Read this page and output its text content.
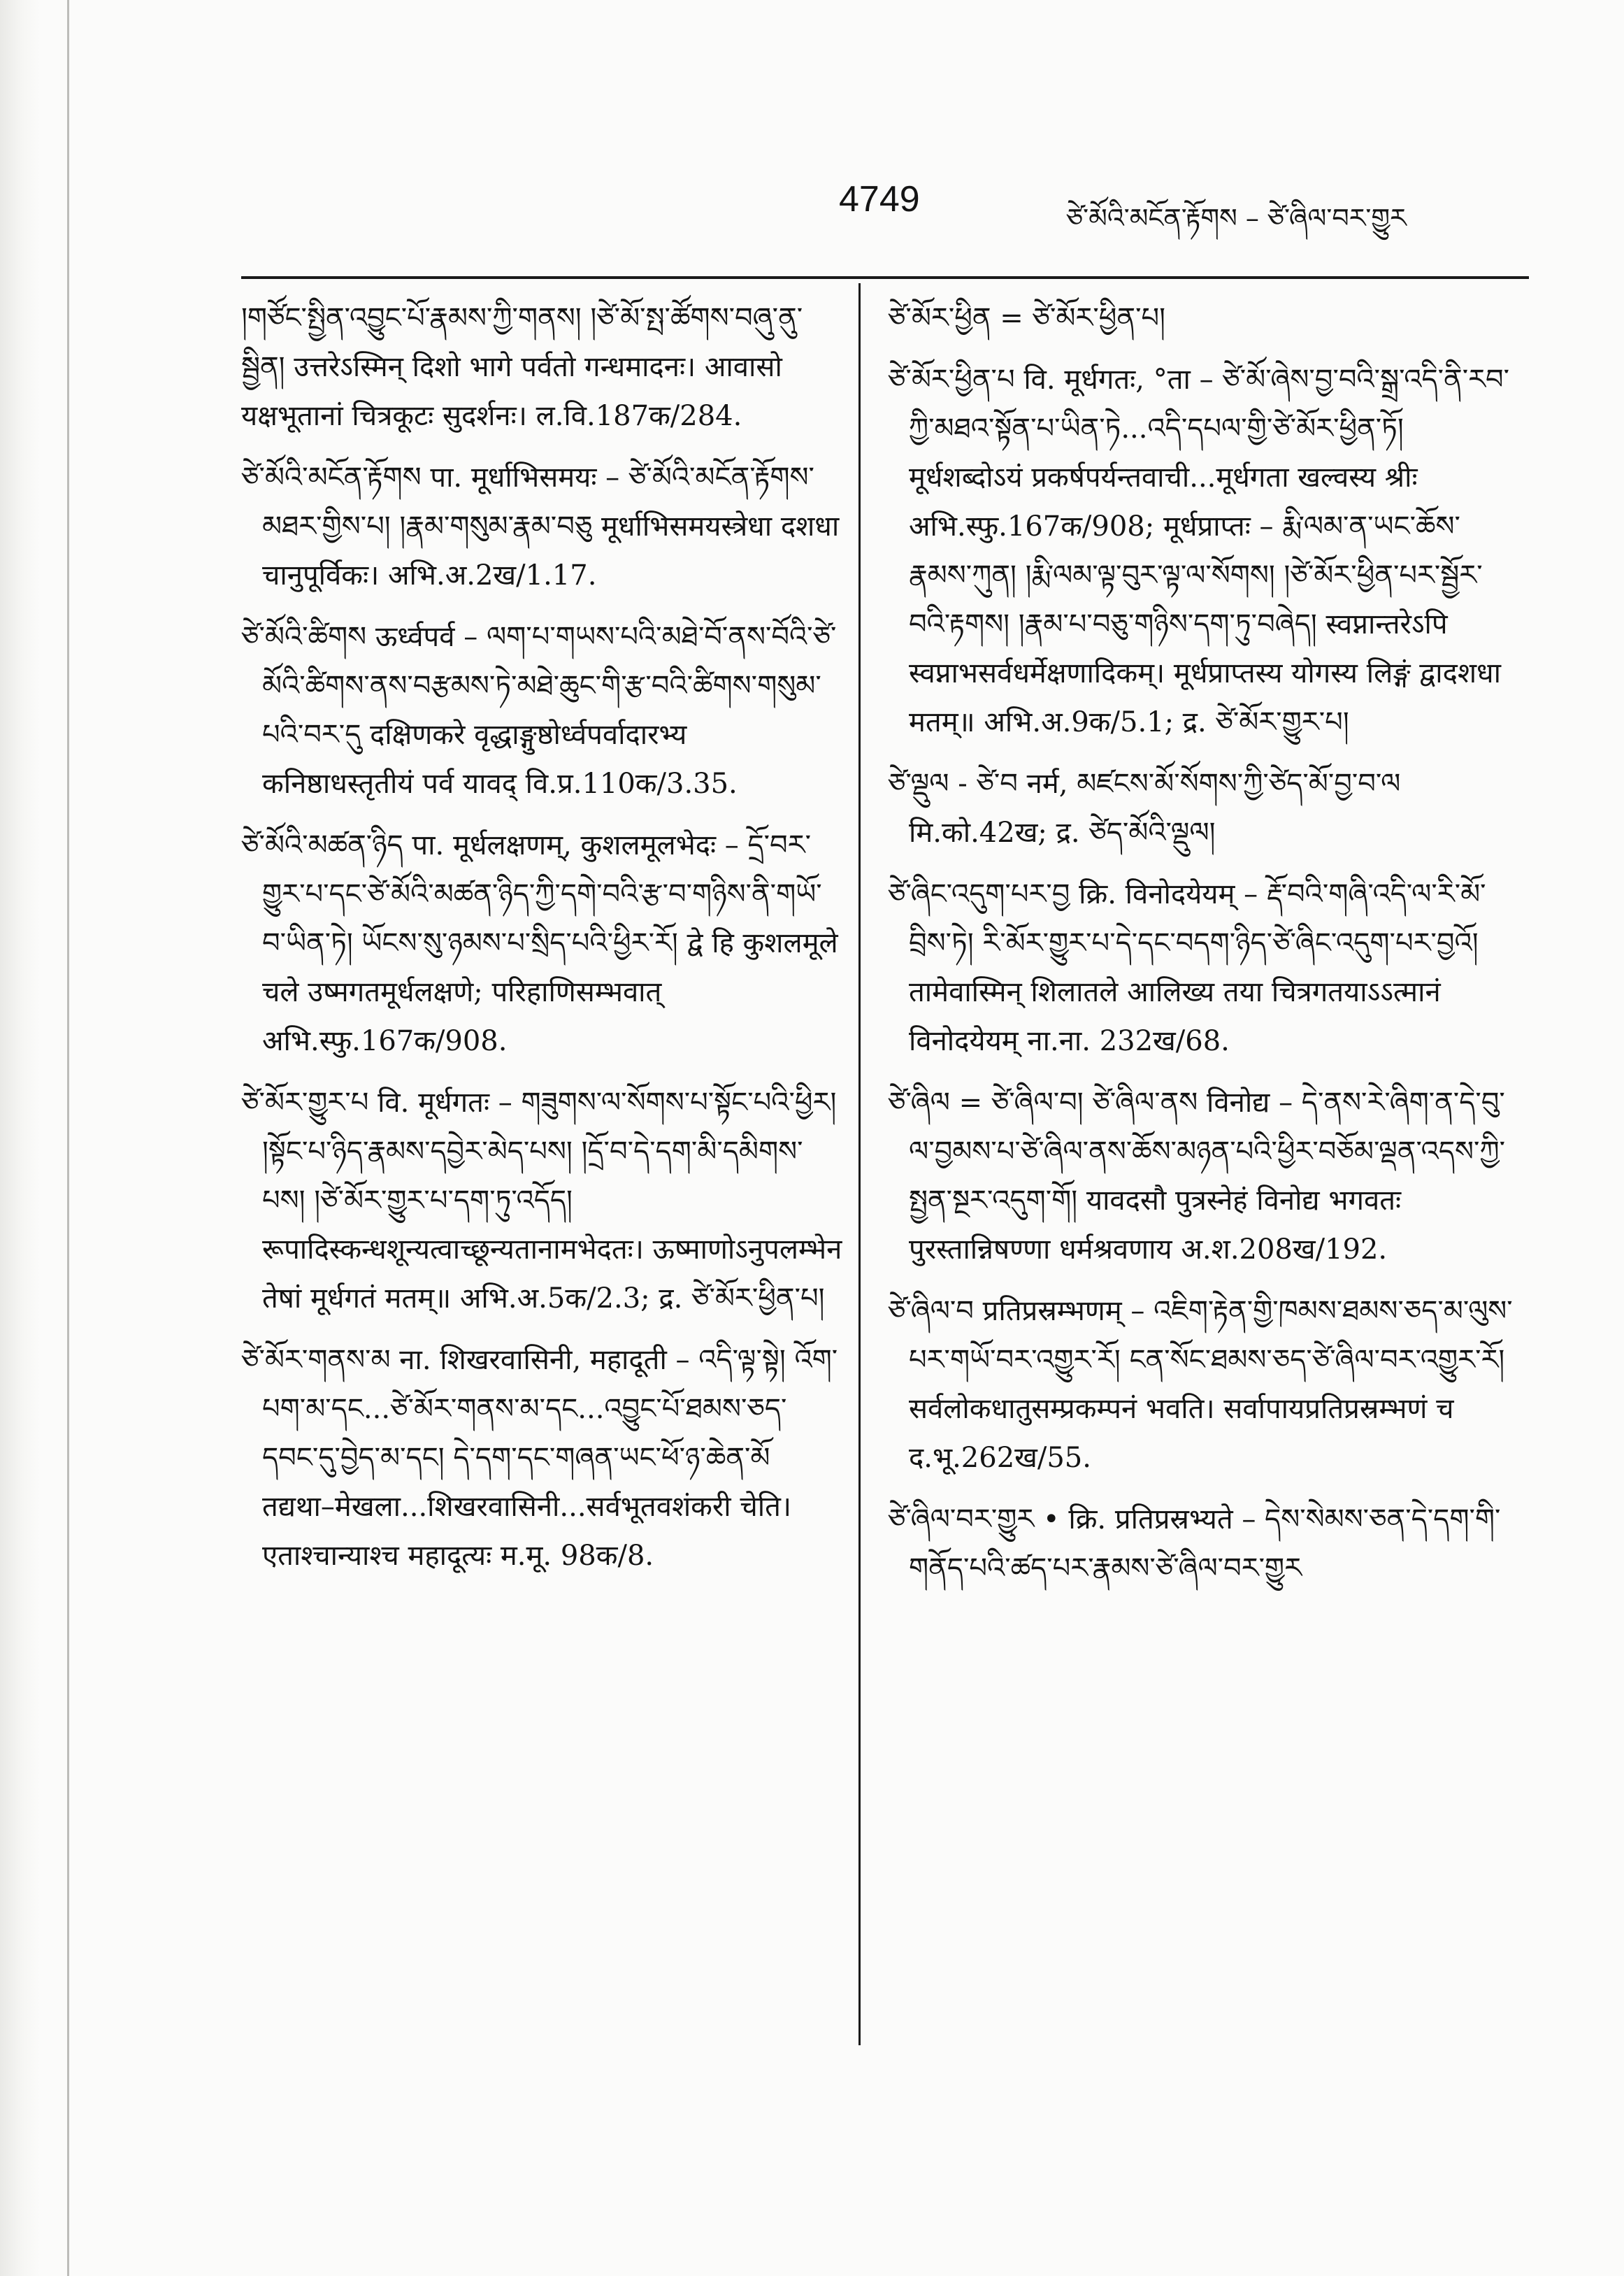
4749	ཙེ་མོའི་མངོན་རྟོགས – ཙེ་ཞིལ་བར་གྱུར

།གཙོང་སྤྱིན་འབྱུང་པོ་རྣམས་ཀྱི་གནས། །ཙེ་མོ་སྤ་ཚོགས་བཞུ་ནུ་སྦྱིན། उत्तरेऽस्मिन् दिशो भागे पर्वतो गन्धमादनः। आवासो यक्षभूतानां चित्रकूटः सुदर्शनः। ल.वि.187क/284.

ཙེ་མོའི་མངོན་རྟོགས पा. मूर्धाभिसमयः – ཙེ་མོའི་མངོན་རྟོགས་མཐར་གྱིས་པ། །རྣམ་གསུམ་རྣམ་བཅུ मूर्धाभिसमयस्त्रेधा दशधा चानुपूर्विकः। अभि.अ.2ख/1.17.

ཙེ་མོའི་ཚིགས ऊर्ध्वपर्व – ལག་པ་གཡས་པའི་མཐེ་བོ་ནས་བོའི་ཙེ་མོའི་ཚིགས་ནས་བརྩམས་ཏེ་མཐེ་ཆུང་གི་རྩ་བའི་ཚིགས་གསུམ་པའི་བར་དུ दक्षिणकरे वृद्धाङ्गुष्ठोर्ध्वपर्वादारभ्य कनिष्ठाधस्तृतीयं पर्व यावद् वि.प्र.110क/3.35.

ཙེ་མོའི་མཚན་ཉིད पा. मूर्धलक्षणम्, कुशलमूलभेदः – དྲོ་བར་གྱུར་པ་དང་ཙེ་མོའི་མཚན་ཉིད་ཀྱི་དགེ་བའི་རྩ་བ་གཉིས་ནི་གཡོ་བ་ཡིན་ཏེ། ཡོངས་སུ་ཉམས་པ་སྲིད་པའི་ཕྱིར་རོ། द्वे हि कुशलमूले चले उष्मगतमूर्धलक्षणे; परिहाणिसम्भवात् अभि.स्फु.167क/908.

ཙེ་མོར་གྱུར་པ वि. मूर्धगतः – གཟུགས་ལ་སོགས་པ་སྟོང་པའི་ཕྱིར། །སྟོང་པ་ཉིད་རྣམས་དབྱེར་མེད་པས། །དྲོ་བ་དེ་དག་མི་དམིགས་པས། །ཙེ་མོར་གྱུར་པ་དག་ཏུ་འདོད། रूपादिस्कन्धशून्यत्वाच्छून्यतानामभेदतः। ऊष्माणोऽनुपलम्भेन तेषां मूर्धगतं मतम्॥ अभि.अ.5क/2.3; द्र. ཙེ་མོར་ཕྱིན་པ།

ཙེ་མོར་གནས་མ ना. शिखरवासिनी, महादूती – འདི་ལྟ་སྟེ། འོག་པག་མ་དང...ཙེ་མོར་གནས་མ་དང...འབྱུང་པོ་ཐམས་ཅད་དབང་དུ་བྱེད་མ་དང། དེ་དག་དང་གཞན་ཡང་ཕོ་ཉ་ཆེན་མོ तद्यथा–मेखला...शिखरवासिनी...सर्वभूतवशंकरी चेति। एताश्चान्याश्च महादूत्यः म.मू. 98क/8.

ཙེ་མོར་ཕྱིན = ཙེ་མོར་ཕྱིན་པ།

ཙེ་མོར་ཕྱིན་པ वि. मूर्धगतः, °ता – ཙེ་མོ་ཞེས་བྱ་བའི་སྒྲ་འདི་ནི་རབ་ཀྱི་མཐའ་སྟོན་པ་ཡིན་ཏེ...འདི་དཔལ་གྱི་ཙེ་མོར་ཕྱིན་ཏོ། मूर्धशब्दोऽयं प्रकर्षपर्यन्तवाची...मूर्धगता खल्वस्य श्रीः अभि.स्फु.167क/908; मूर्धप्राप्तः – རྨི་ལམ་ན་ཡང་ཆོས་རྣམས་ཀུན། །རྨི་ལམ་ལྟ་བུར་ལྟ་ལ་སོགས། །ཙེ་མོར་ཕྱིན་པར་སྦྱོར་བའི་རྟགས། །རྣམ་པ་བཅུ་གཉིས་དག་ཏུ་བཞེད། स्वप्नान्तरेऽपि स्वप्नाभसर्वधर्मेक्षणादिकम्। मूर्धप्राप्तस्य योगस्य लिङ्गं द्वादशधा मतम्॥ अभि.अ.9क/5.1; द्र. ཙེ་མོར་གྱུར་པ།

ཙེ་ལྡུལ - ཙེ་བ नर्म, མཛངས་མོ་སོགས་ཀྱི་ཙེད་མོ་བྱ་བ་ལ मि.को.42ख; द्र. ཙེད་མོའི་ལྡུལ།

ཙེ་ཞིང་འདུག་པར་བྱ क्रि. विनोदयेयम् – རྡོ་བའི་གཞི་འདི་ལ་རི་མོ་བྲིས་ཏེ། རི་མོར་གྱུར་པ་དེ་དང་བདག་ཉིད་ཙེ་ཞིང་འདུག་པར་བྱའོ། तामेवास्मिन् शिलातले आलिख्य तया चित्रगतयाऽऽत्मानं विनोदयेयम् ना.ना. 232ख/68.

ཙེ་ཞིལ = ཙེ་ཞིལ་བ། ཙེ་ཞིལ་ནས विनोद्य – དེ་ནས་རེ་ཞིག་ན་དེ་བུ་ལ་བྱམས་པ་ཙེ་ཞིལ་ནས་ཆོས་མཉན་པའི་ཕྱིར་བཅོམ་ལྡན་འདས་ཀྱི་སྤྱན་སྔར་འདུག་གོ། यावदसौ पुत्रस्नेहं विनोद्य भगवतः पुरस्तान्निषण्णा धर्मश्रवणाय अ.श.208ख/192.

ཙེ་ཞིལ་བ प्रतिप्रस्रम्भणम् – འཇིག་རྟེན་གྱི་ཁམས་ཐམས་ཅད་མ་ལུས་པར་གཡོ་བར་འགྱུར་རོ། ངན་སོང་ཐམས་ཅད་ཙེ་ཞིལ་བར་འགྱུར་རོ། सर्वलोकधातुसम्प्रकम्पनं भवति। सर्वापायप्रतिप्रस्रम्भणं च द.भू.262ख/55.

ཙེ་ཞིལ་བར་གྱུར • क्रि. प्रतिप्रस्रभ्यते – དེས་སེམས་ཅན་དེ་དག་གི་གནོད་པའི་ཚད་པར་རྣམས་ཙེ་ཞིལ་བར་གྱུར
